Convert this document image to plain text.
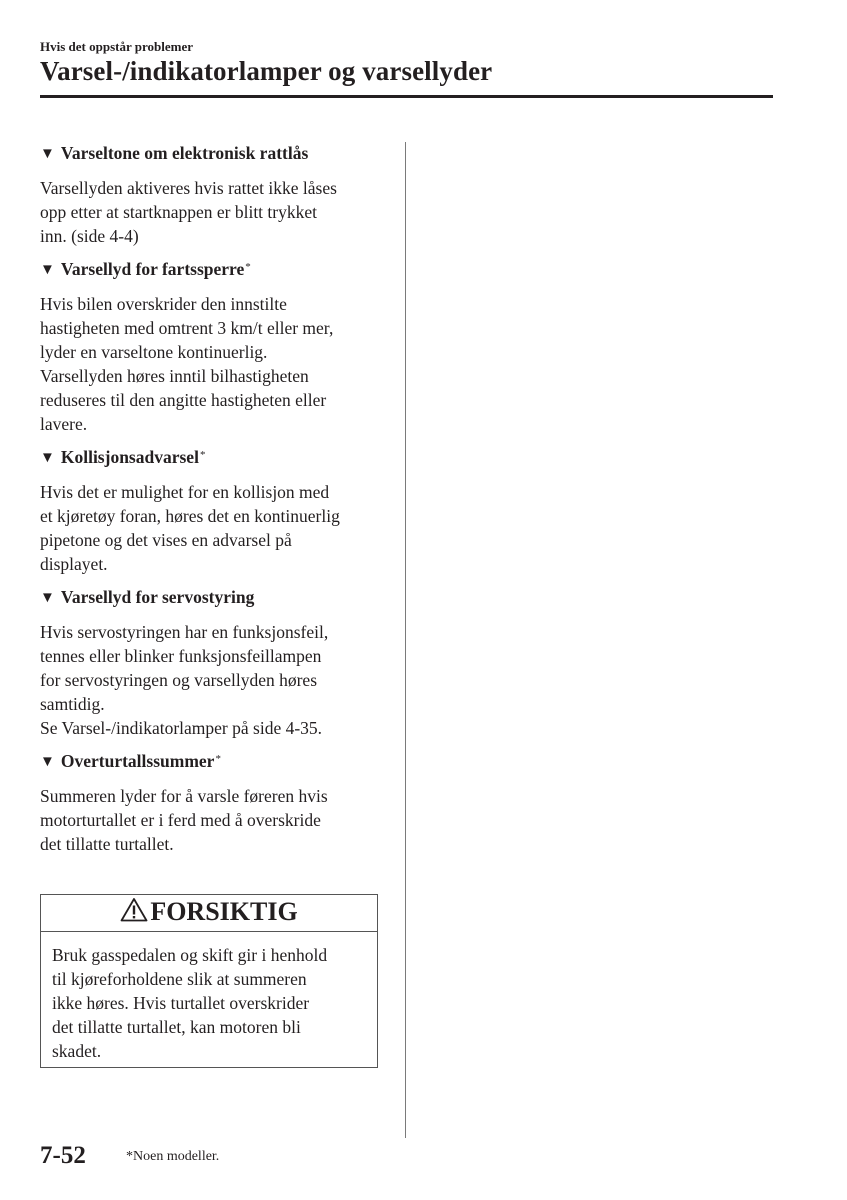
Hvis det oppstår problemer
Varsel-/indikatorlamper og varsellyder
▼ Varseltone om elektronisk rattlås
Varsellyden aktiveres hvis rattet ikke låses
opp etter at startknappen er blitt trykket
inn. (side 4-4)
▼ Varsellyd for fartssperre*
Hvis bilen overskrider den innstilte
hastigheten med omtrent 3 km/t eller mer,
lyder en varseltone kontinuerlig.
Varsellyden høres inntil bilhastigheten
reduseres til den angitte hastigheten eller
lavere.
▼ Kollisjonsadvarsel*
Hvis det er mulighet for en kollisjon med
et kjøretøy foran, høres det en kontinuerlig
pipetone og det vises en advarsel på
displayet.
▼ Varsellyd for servostyring
Hvis servostyringen har en funksjonsfeil,
tennes eller blinker funksjonsfeillampen
for servostyringen og varsellyden høres
samtidig.
Se Varsel-/indikatorlamper på side 4-35.
▼ Overturtallssummer*
Summeren lyder for å varsle føreren hvis
motorturtallet er i ferd med å overskride
det tillatte turtallet.
FORSIKTIG
Bruk gasspedalen og skift gir i henhold
til kjøreforholdene slik at summeren
ikke høres. Hvis turtallet overskrider
det tillatte turtallet, kan motoren bli
skadet.
7-52	*Noen modeller.
